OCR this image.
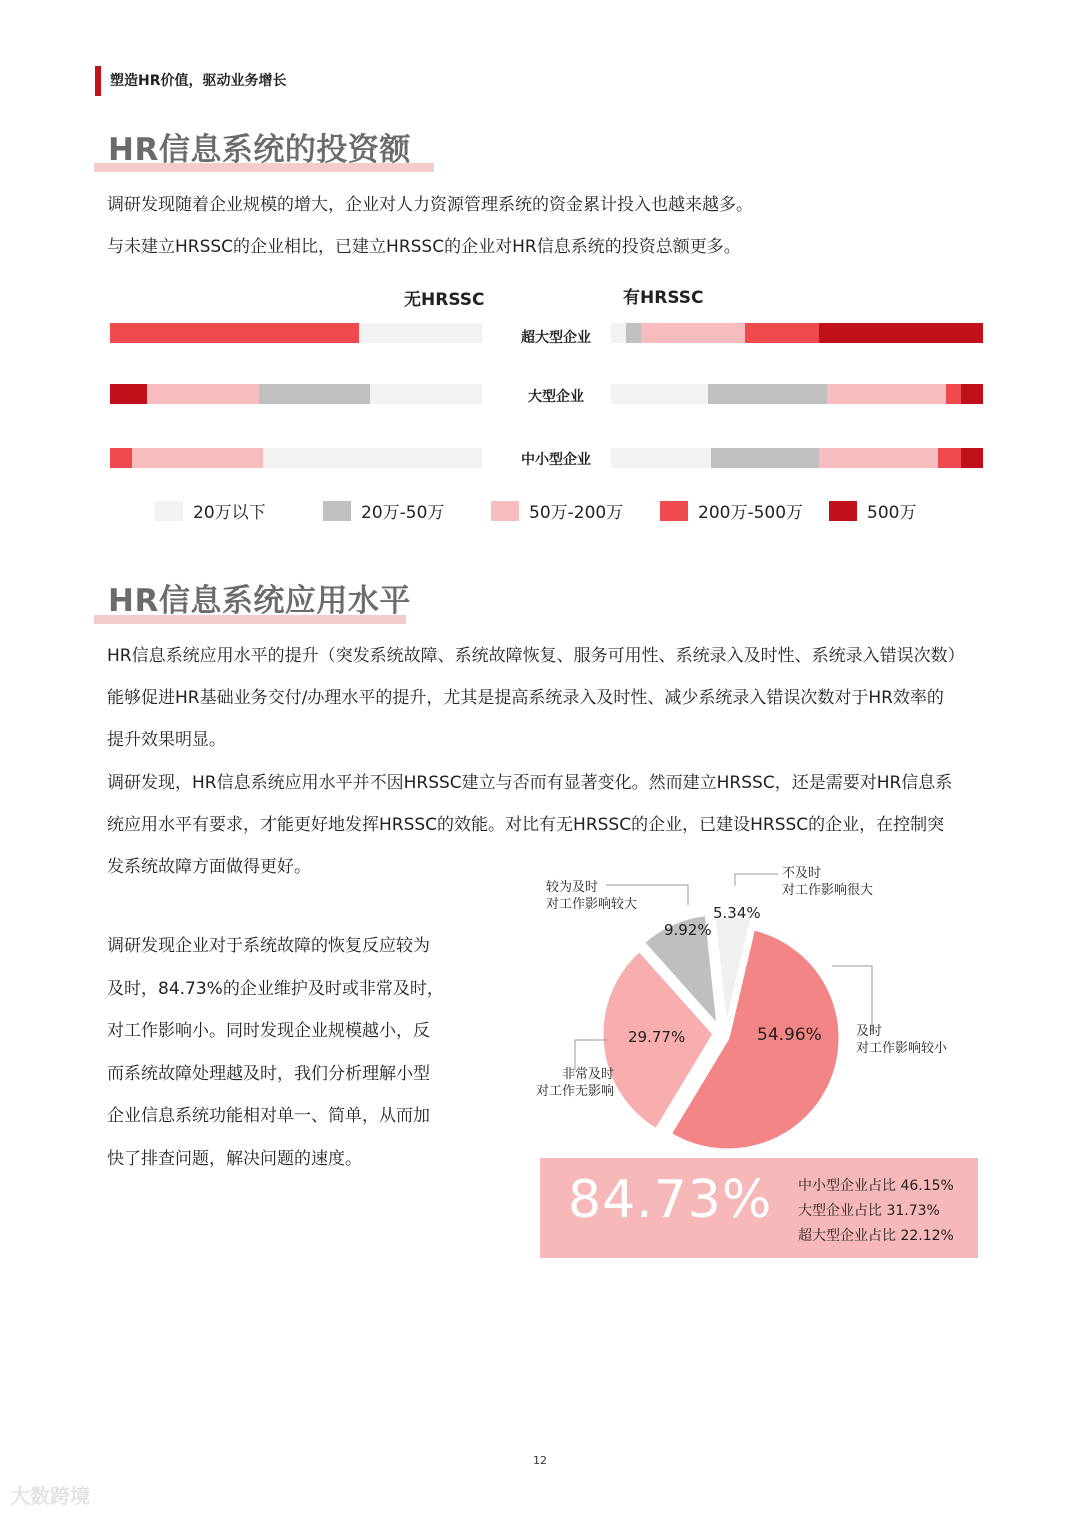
塑造HR价值，驱动业务增长
HR信息系统的投资额
调研发现随着企业规模的增大，企业对人力资源管理系统的资金累计投入也越来越多。
与未建立HRSSC的企业相比，已建立HRSSC的企业对HR信息系统的投资总额更多。
无HRSSC	有HRSSC
超大型企业
大型企业
中小型企业
20万以下	20万-50万	50万-200万	200万-500万	500万
HR信息系统应用水平
HR信息系统应用水平的提升（突发系统故障、系统故障恢复、服务可用性、系统录入及时性、系统录入错误次数）
能够促进HR基础业务交付/办理水平的提升，尤其是提高系统录入及时性、减少系统录入错误次数对于HR效率的
提升效果明显。
调研发现，HR信息系统应用水平并不因HRSSC建立与否而有显著变化。然而建立HRSSC，还是需要对HR信息系
统应用水平有要求，才能更好地发挥HRSSC的效能。对比有无HRSSC的企业，已建设HRSSC的企业，在控制突
发系统故障方面做得更好。
调研发现企业对于系统故障的恢复反应较为
及时，84.73%的企业维护及时或非常及时，
对工作影响小。同时发现企业规模越小，反
而系统故障处理越及时，我们分析理解小型
企业信息系统功能相对单一、简单，从而加
快了排查问题，解决问题的速度。
不及时
对工作影响很大
及时
对工作影响较小
非常及时
对工作无影响
较为及时
对工作影响较大	5.34%
54.96%
29.77%
9.92%
84.73% 中小型企业占比 46.15%
大型企业占比 31.73%
超大型企业占比 22.12%
12
大数跨境
